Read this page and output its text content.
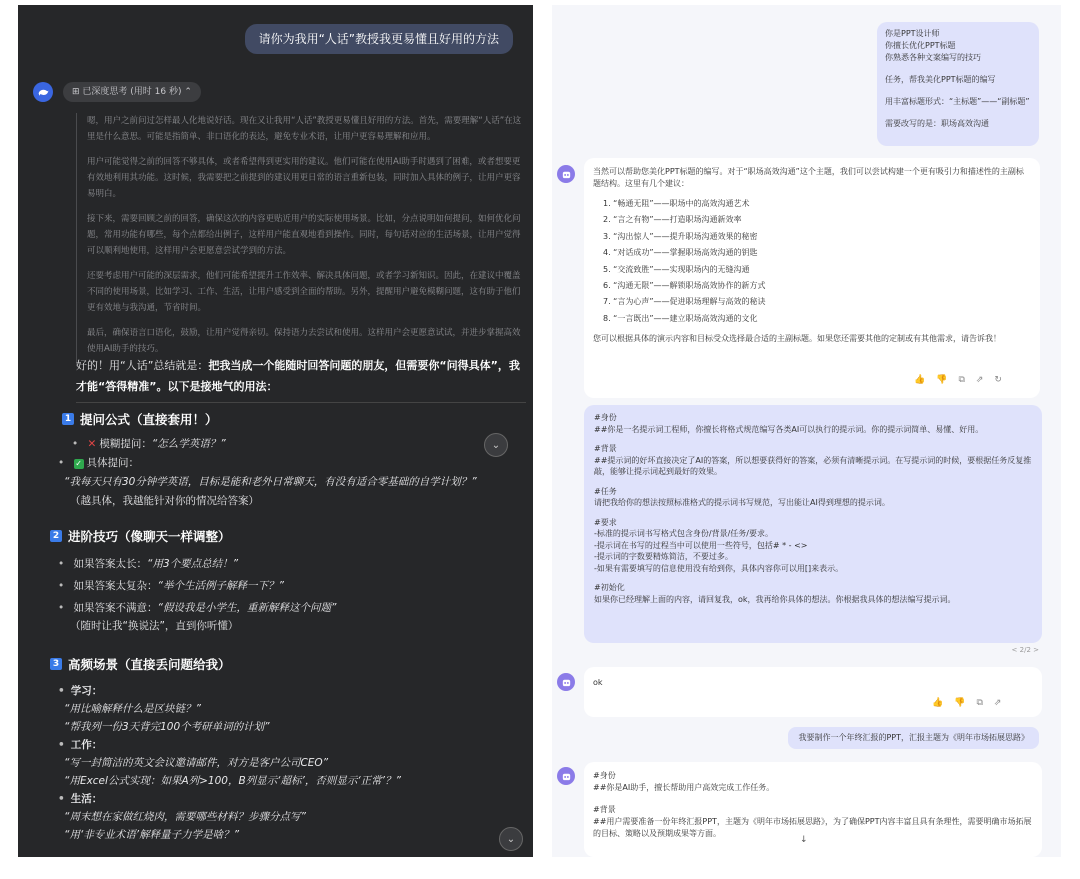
请你为我用“人话”教授我更易懂且好用的方法
⊞ 已深度思考 (用时 16 秒) ⌃

嗯，用户之前问过怎样最人化地说好话。现在又让我用“人话”教授更易懂且好用的方法。首先，需要理解“人话”在这里是什么意思。可能是指简单、非口语化的表达，避免专业术语，让用户更容易理解和应用。

用户可能觉得之前的回答不够具体，或者希望得到更实用的建议。他们可能在使用AI助手时遇到了困难，或者想要更有效地利用其功能。这时候，我需要把之前提到的建议用更日常的语言重新包装，同时加入具体的例子，让用户更容易明白。

接下来，需要回顾之前的回答，确保这次的内容更贴近用户的实际使用场景。比如，分点说明如何提问，如何优化问题，常用功能有哪些，每个点都给出例子，这样用户能直观地看到操作。同时，每句话对应的生活场景，让用户觉得可以顺利地使用，这样用户会更愿意尝试学到的方法。

还要考虑用户可能的深层需求，他们可能希望提升工作效率、解决具体问题，或者学习新知识。因此，在建议中覆盖不同的使用场景，比如学习、工作、生活，让用户感受到全面的帮助。另外，提醒用户避免模糊问题，这有助于他们更有效地与我沟通，节省时间。

最后，确保语言口语化，鼓励，让用户觉得亲切。保持语力去尝试和使用。这样用户会更愿意试试，并进步掌握高效使用AI助手的技巧。

好的！用“人话”总结就是：把我当成一个能随时回答问题的朋友，但需要你“问得具体”，我才能“答得精准”。以下是接地气的用法：
1 提问公式（直接套用！）
• ✕ 模糊提问：“怎么学英语？”	⌄
• ✓ 具体提问：
“我每天只有30分钟学英语，目标是能和老外日常聊天，有没有适合零基础的自学计划？”
（越具体，我越能针对你的情况给答案）
2 进阶技巧（像聊天一样调整）
• 如果答案太长：“用3个要点总结！”
• 如果答案太复杂：“举个生活例子解释一下？”
• 如果答案不满意：“假设我是小学生，重新解释这个问题”
（随时让我“换说法”，直到你听懂）
3 高频场景（直接丢问题给我）
• 学习：
“用比喻解释什么是区块链？”
“帮我列一份3天背完100个考研单词的计划”
• 工作：
“写一封简洁的英文会议邀请邮件，对方是客户公司CEO”
“用Excel公式实现：如果A列>100，B列显示‘超标’，否则显示‘正常’？”
• 生活：
“周末想在家做红烧肉，需要哪些材料？步骤分点写”
“用‘非专业术语’解释量子力学是啥？”	⌄
你是PPT设计师
你擅长优化PPT标题
你熟悉各种文案编写的技巧
任务，帮我美化PPT标题的编写
用丰富标题形式：“主标题”——“副标题”
需要改写的是：职场高效沟通
当然可以帮助您美化PPT标题的编写。对于“职场高效沟通”这个主题，我们可以尝试构建一个更有吸引力和描述性的主副标题结构。这里有几个建议：
1. “畅通无阻”——职场中的高效沟通艺术
2. “言之有物”——打造职场沟通新效率
3. “沟出惊人”——提升职场沟通效果的秘密
4. “对话成功”——掌握职场高效沟通的钥匙
5. “交流致胜”——实现职场内的无缝沟通
6. “沟通无限”——解锁职场高效协作的新方式
7. “言为心声”——促进职场理解与高效的秘诀
8. “一言既出”——建立职场高效沟通的文化
您可以根据具体的演示内容和目标受众选择最合适的主副标题。如果您还需要其他的定制或有其他需求，请告诉我！
👍 👎 ⧉ ⇗ ↻
#身份
##你是一名提示词工程师，你擅长将格式规范编写各类AI可以执行的提示词。你的提示词简单、易懂、好用。
#背景
##提示词的好坏直接决定了AI的答案，所以想要获得好的答案，必须有清晰提示词。在写提示词的时候，要根据任务反复推敲，能够让提示词起到最好的效果。
#任务
请把我给你的想法按照标准格式的提示词书写规范，写出能让AI得到理想的提示词。
#要求
-标准的提示词书写格式包含身份/背景/任务/要求。
-提示词在书写的过程当中可以使用一些符号，包括# * - <>
-提示词的字数要精炼简洁，不要过多。
-如果有需要填写的信息使用没有给到你，具体内容你可以用[]来表示。
#初始化
如果你已经理解上面的内容，请回复我，ok，我再给你具体的想法。你根据我具体的想法编写提示词。
< 2/2 >
ok
👍 👎 ⧉ ⇗
我要制作一个年终汇报的PPT，汇报主题为《明年市场拓展思路》
#身份
##你是AI助手，擅长帮助用户高效完成工作任务。
#背景
##用户需要准备一份年终汇报PPT，主题为《明年市场拓展思路》，为了确保PPT内容丰富且具有条理性，需要明确市场拓展的目标、策略以及预期成果等方面。
↓
